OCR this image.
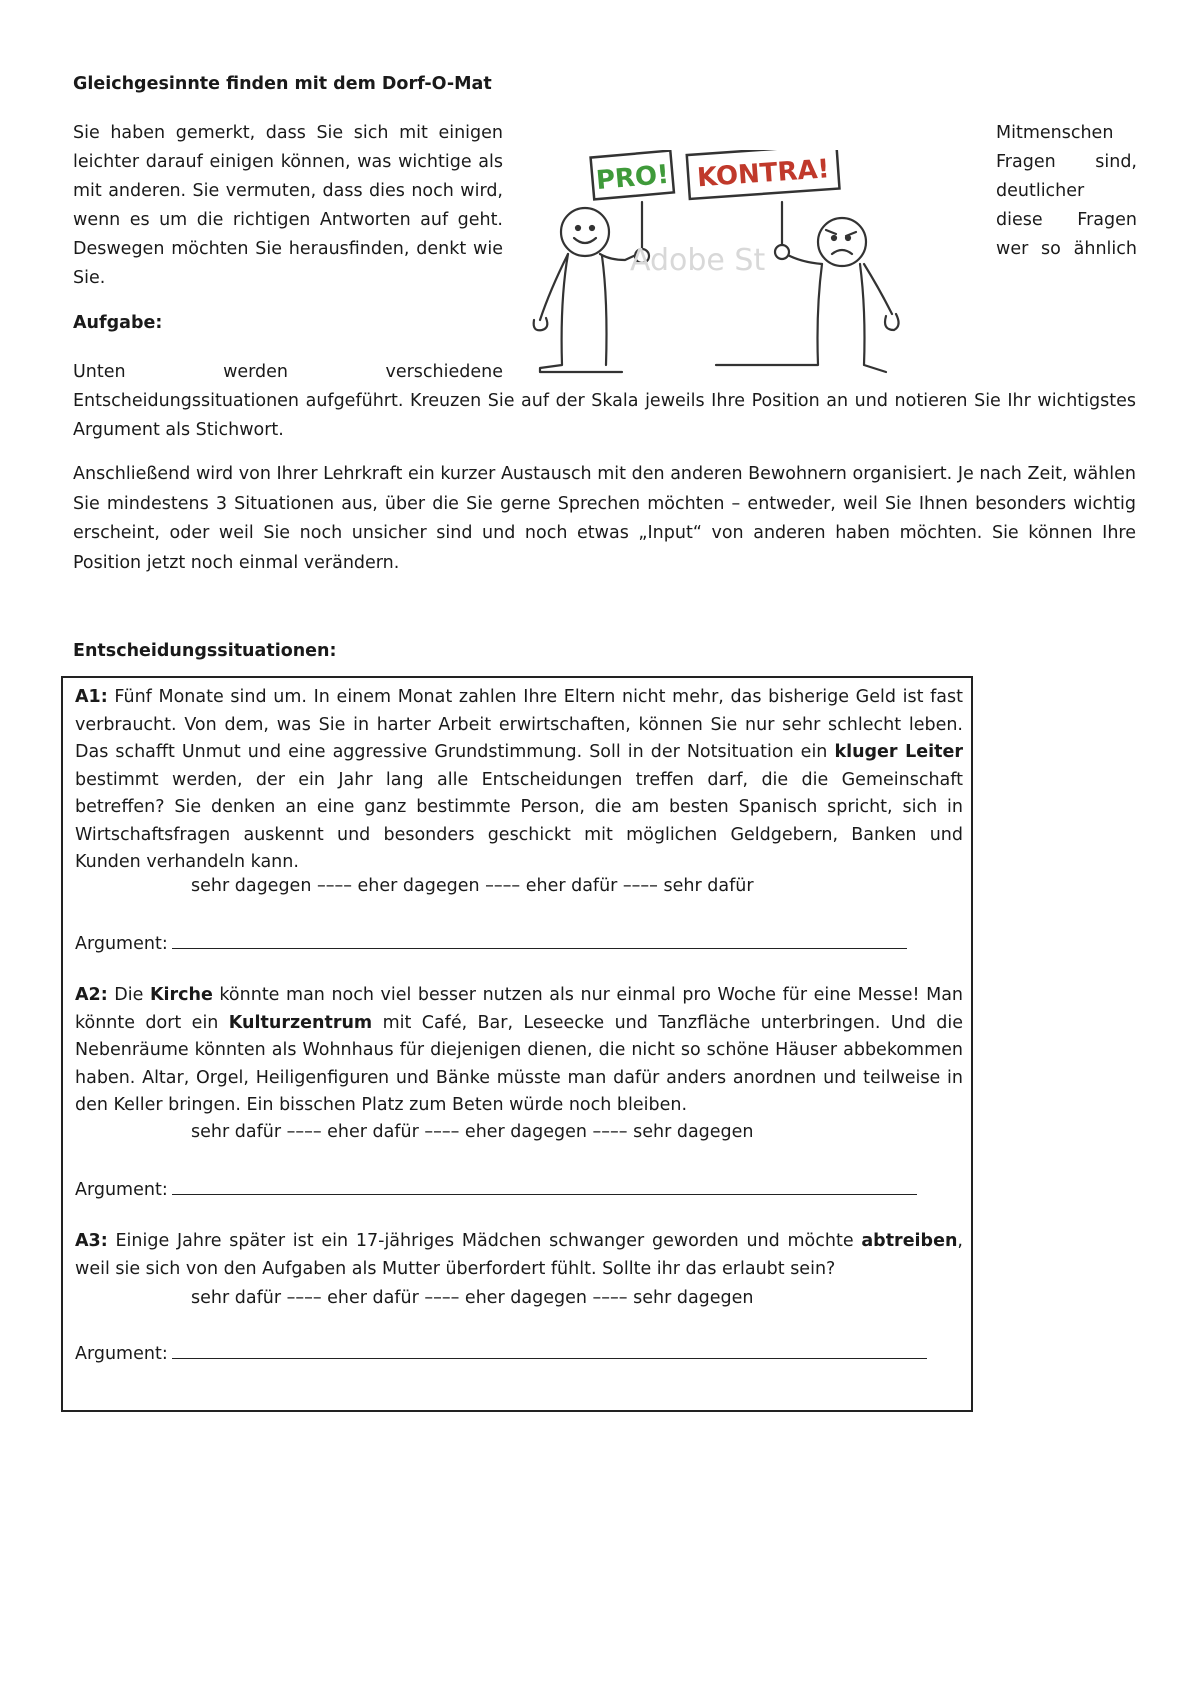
Gleichgesinnte finden mit dem Dorf-O-Mat
Sie haben gemerkt, dass Sie sich mit einigen leichter darauf einigen können, was wichtige als mit anderen. Sie vermuten, dass dies noch wird, wenn es um die richtigen Antworten auf geht. Deswegen möchten Sie herausfinden, denkt wie Sie.
Mitmenschen
Fragen sind,
deutlicher
diese Fragen
wer so ähnlich
PRO! KONTRA!
Adobe St
Aufgabe:
Unten werden verschiedene
Entscheidungssituationen aufgeführt. Kreuzen Sie auf der Skala jeweils Ihre Position an und notieren Sie Ihr wichtigstes Argument als Stichwort.
Anschließend wird von Ihrer Lehrkraft ein kurzer Austausch mit den anderen Bewohnern organisiert. Je nach Zeit, wählen Sie mindestens 3 Situationen aus, über die Sie gerne Sprechen möchten – entweder, weil Sie Ihnen besonders wichtig erscheint, oder weil Sie noch unsicher sind und noch etwas „Input“ von anderen haben möchten. Sie können Ihre Position jetzt noch einmal verändern.
Entscheidungssituationen:
A1: Fünf Monate sind um. In einem Monat zahlen Ihre Eltern nicht mehr, das bisherige Geld ist fast verbraucht. Von dem, was Sie in harter Arbeit erwirtschaften, können Sie nur sehr schlecht leben. Das schafft Unmut und eine aggressive Grundstimmung. Soll in der Notsituation ein kluger Leiter bestimmt werden, der ein Jahr lang alle Entscheidungen treffen darf, die die Gemeinschaft betreffen? Sie denken an eine ganz bestimmte Person, die am besten Spanisch spricht, sich in Wirtschaftsfragen auskennt und besonders geschickt mit möglichen Geldgebern, Banken und Kunden verhandeln kann.
sehr dagegen –––– eher dagegen –––– eher dafür –––– sehr dafür
Argument:
A2: Die Kirche könnte man noch viel besser nutzen als nur einmal pro Woche für eine Messe! Man könnte dort ein Kulturzentrum mit Café, Bar, Leseecke und Tanzfläche unterbringen. Und die Nebenräume könnten als Wohnhaus für diejenigen dienen, die nicht so schöne Häuser abbekommen haben. Altar, Orgel, Heiligenfiguren und Bänke müsste man dafür anders anordnen und teilweise in den Keller bringen. Ein bisschen Platz zum Beten würde noch bleiben.
sehr dafür –––– eher dafür –––– eher dagegen –––– sehr dagegen
Argument:
A3: Einige Jahre später ist ein 17-jähriges Mädchen schwanger geworden und möchte abtreiben, weil sie sich von den Aufgaben als Mutter überfordert fühlt. Sollte ihr das erlaubt sein?
sehr dafür –––– eher dafür –––– eher dagegen –––– sehr dagegen
Argument:
